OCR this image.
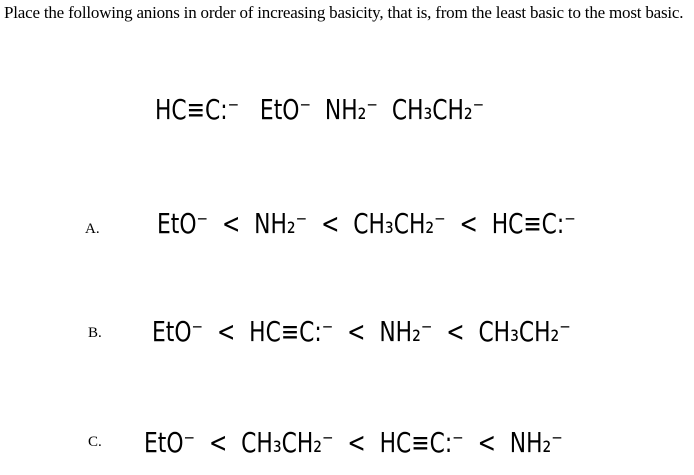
Place the following anions in order of increasing basicity, that is, from the least basic to the most basic.
HC≡C:⁻   EtO⁻  NH₂⁻  CH₃CH₂⁻
A. EtO⁻  <  NH₂⁻  <  CH₃CH₂⁻  <  HC≡C:⁻
B. EtO⁻  <  HC≡C:⁻  <  NH₂⁻  <  CH₃CH₂⁻
C. EtO⁻  <  CH₃CH₂⁻  <  HC≡C:⁻  <  NH₂⁻
